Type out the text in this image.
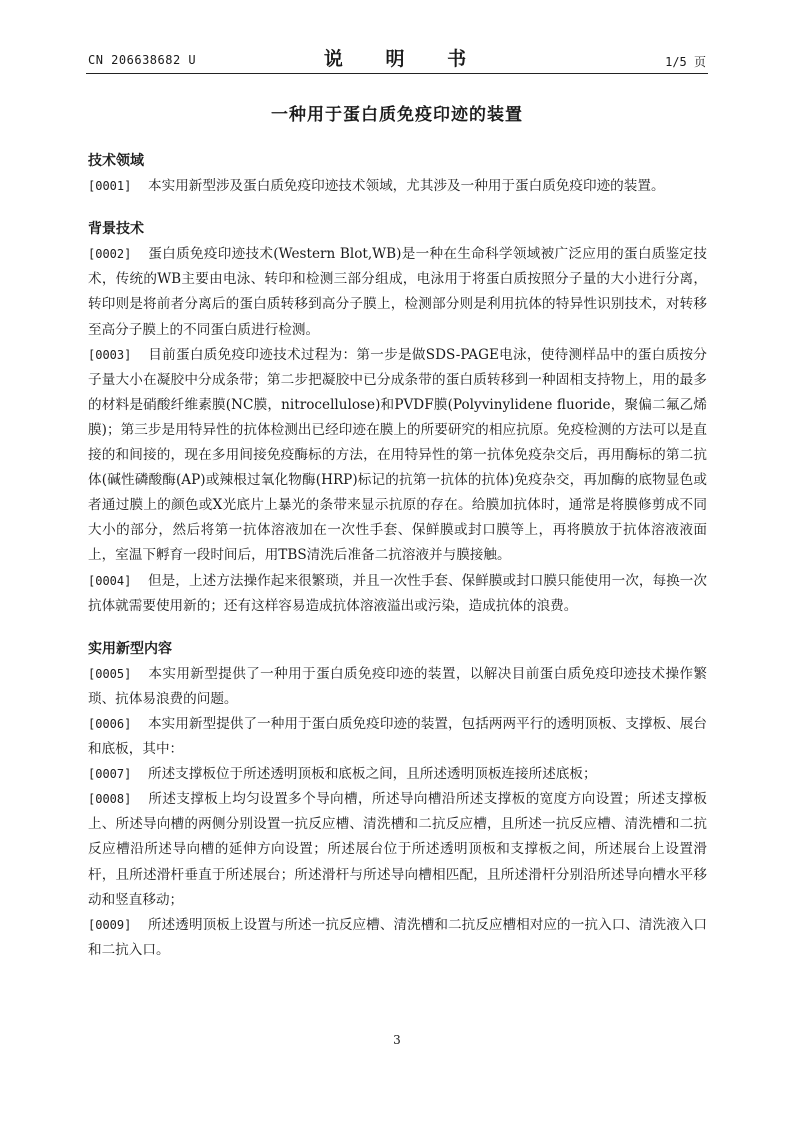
CN 206638682 U	说 明 书	1/5 页
一种用于蛋白质免疫印迹的装置
技术领域
[0001] 本实用新型涉及蛋白质免疫印迹技术领域，尤其涉及一种用于蛋白质免疫印迹的装置。
背景技术
[0002] 蛋白质免疫印迹技术(Western Blot,WB)是一种在生命科学领域被广泛应用的蛋白质鉴定技术，传统的WB主要由电泳、转印和检测三部分组成，电泳用于将蛋白质按照分子量的大小进行分离，转印则是将前者分离后的蛋白质转移到高分子膜上，检测部分则是利用抗体的特异性识别技术，对转移至高分子膜上的不同蛋白质进行检测。
[0003] 目前蛋白质免疫印迹技术过程为：第一步是做SDS-PAGE电泳，使待测样品中的蛋白质按分子量大小在凝胶中分成条带；第二步把凝胶中已分成条带的蛋白质转移到一种固相支持物上，用的最多的材料是硝酸纤维素膜(NC膜，nitrocellulose)和PVDF膜(Polyvinylidene fluoride，聚偏二氟乙烯膜)；第三步是用特异性的抗体检测出已经印迹在膜上的所要研究的相应抗原。免疫检测的方法可以是直接的和间接的，现在多用间接免疫酶标的方法，在用特异性的第一抗体免疫杂交后，再用酶标的第二抗体(碱性磷酸酶(AP)或辣根过氧化物酶(HRP)标记的抗第一抗体的抗体)免疫杂交，再加酶的底物显色或者通过膜上的颜色或X光底片上暴光的条带来显示抗原的存在。给膜加抗体时，通常是将膜修剪成不同大小的部分，然后将第一抗体溶液加在一次性手套、保鲜膜或封口膜等上，再将膜放于抗体溶液液面上，室温下孵育一段时间后，用TBS清洗后准备二抗溶液并与膜接触。
[0004] 但是，上述方法操作起来很繁琐，并且一次性手套、保鲜膜或封口膜只能使用一次，每换一次抗体就需要使用新的；还有这样容易造成抗体溶液溢出或污染，造成抗体的浪费。
实用新型内容
[0005] 本实用新型提供了一种用于蛋白质免疫印迹的装置，以解决目前蛋白质免疫印迹技术操作繁琐、抗体易浪费的问题。
[0006] 本实用新型提供了一种用于蛋白质免疫印迹的装置，包括两两平行的透明顶板、支撑板、展台和底板，其中：
[0007] 所述支撑板位于所述透明顶板和底板之间，且所述透明顶板连接所述底板；
[0008] 所述支撑板上均匀设置多个导向槽，所述导向槽沿所述支撑板的宽度方向设置；所述支撑板上、所述导向槽的两侧分别设置一抗反应槽、清洗槽和二抗反应槽，且所述一抗反应槽、清洗槽和二抗反应槽沿所述导向槽的延伸方向设置；所述展台位于所述透明顶板和支撑板之间，所述展台上设置滑杆，且所述滑杆垂直于所述展台；所述滑杆与所述导向槽相匹配，且所述滑杆分别沿所述导向槽水平移动和竖直移动；
[0009] 所述透明顶板上设置与所述一抗反应槽、清洗槽和二抗反应槽相对应的一抗入口、清洗液入口和二抗入口。
3
